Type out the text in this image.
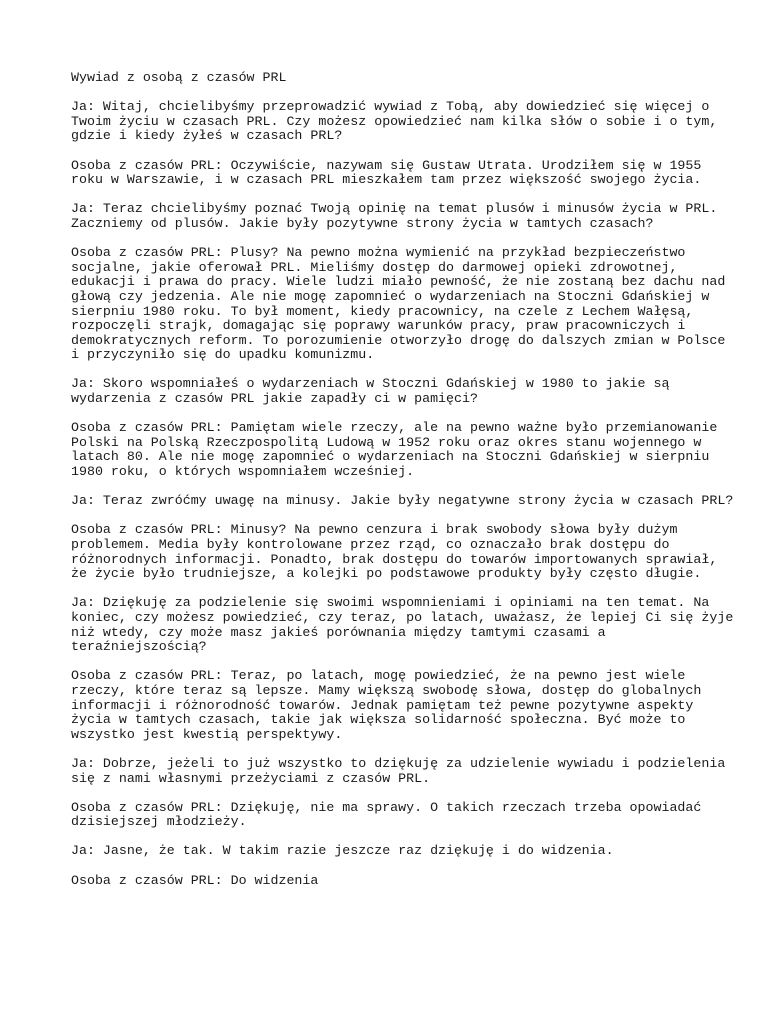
Wywiad z osobą z czasów PRL

Ja: Witaj, chcielibyśmy przeprowadzić wywiad z Tobą, aby dowiedzieć się więcej o
Twoim życiu w czasach PRL. Czy możesz opowiedzieć nam kilka słów o sobie i o tym,
gdzie i kiedy żyłeś w czasach PRL?

Osoba z czasów PRL: Oczywiście, nazywam się Gustaw Utrata. Urodziłem się w 1955
roku w Warszawie, i w czasach PRL mieszkałem tam przez większość swojego życia.

Ja: Teraz chcielibyśmy poznać Twoją opinię na temat plusów i minusów życia w PRL.
Zaczniemy od plusów. Jakie były pozytywne strony życia w tamtych czasach?

Osoba z czasów PRL: Plusy? Na pewno można wymienić na przykład bezpieczeństwo
socjalne, jakie oferował PRL. Mieliśmy dostęp do darmowej opieki zdrowotnej,
edukacji i prawa do pracy. Wiele ludzi miało pewność, że nie zostaną bez dachu nad
głową czy jedzenia. Ale nie mogę zapomnieć o wydarzeniach na Stoczni Gdańskiej w
sierpniu 1980 roku. To był moment, kiedy pracownicy, na czele z Lechem Wałęsą,
rozpoczęli strajk, domagając się poprawy warunków pracy, praw pracowniczych i
demokratycznych reform. To porozumienie otworzyło drogę do dalszych zmian w Polsce
i przyczyniło się do upadku komunizmu.

Ja: Skoro wspomniałeś o wydarzeniach w Stoczni Gdańskiej w 1980 to jakie są
wydarzenia z czasów PRL jakie zapadły ci w pamięci?

Osoba z czasów PRL: Pamiętam wiele rzeczy, ale na pewno ważne było przemianowanie
Polski na Polską Rzeczpospolitą Ludową w 1952 roku oraz okres stanu wojennego w
latach 80. Ale nie mogę zapomnieć o wydarzeniach na Stoczni Gdańskiej w sierpniu
1980 roku, o których wspomniałem wcześniej.

Ja: Teraz zwróćmy uwagę na minusy. Jakie były negatywne strony życia w czasach PRL?

Osoba z czasów PRL: Minusy? Na pewno cenzura i brak swobody słowa były dużym
problemem. Media były kontrolowane przez rząd, co oznaczało brak dostępu do
różnorodnych informacji. Ponadto, brak dostępu do towarów importowanych sprawiał,
że życie było trudniejsze, a kolejki po podstawowe produkty były często długie.

Ja: Dziękuję za podzielenie się swoimi wspomnieniami i opiniami na ten temat. Na
koniec, czy możesz powiedzieć, czy teraz, po latach, uważasz, że lepiej Ci się żyje
niż wtedy, czy może masz jakieś porównania między tamtymi czasami a
teraźniejszością?

Osoba z czasów PRL: Teraz, po latach, mogę powiedzieć, że na pewno jest wiele
rzeczy, które teraz są lepsze. Mamy większą swobodę słowa, dostęp do globalnych
informacji i różnorodność towarów. Jednak pamiętam też pewne pozytywne aspekty
życia w tamtych czasach, takie jak większa solidarność społeczna. Być może to
wszystko jest kwestią perspektywy.

Ja: Dobrze, jeżeli to już wszystko to dziękuję za udzielenie wywiadu i podzielenia
się z nami własnymi przeżyciami z czasów PRL.

Osoba z czasów PRL: Dziękuję, nie ma sprawy. O takich rzeczach trzeba opowiadać
dzisiejszej młodzieży.

Ja: Jasne, że tak. W takim razie jeszcze raz dziękuję i do widzenia.

Osoba z czasów PRL: Do widzenia
